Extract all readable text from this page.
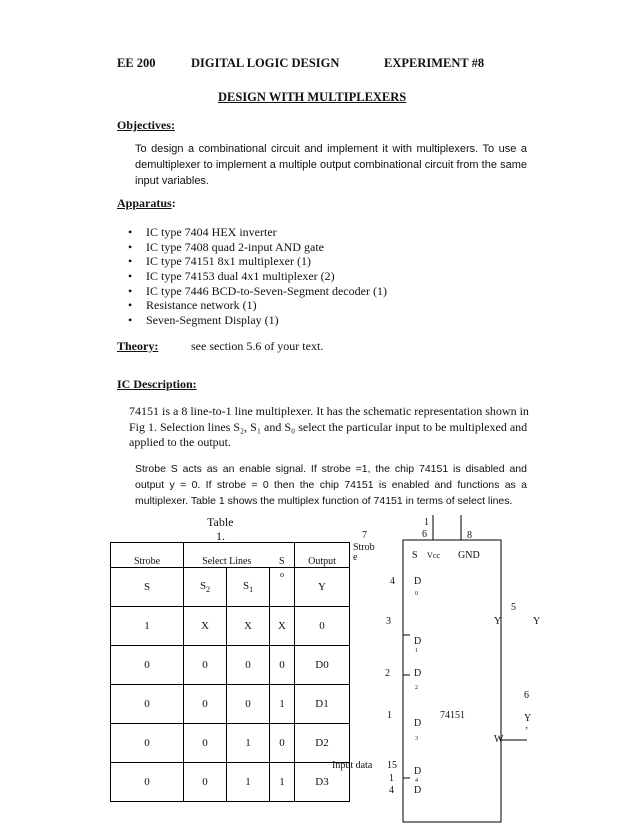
EE 200	DIGITAL LOGIC DESIGN	EXPERIMENT #8
DESIGN WITH MULTIPLEXERS
Objectives:
To design a combinational circuit and implement it with multiplexers. To use a demultiplexer to implement a multiple output combinational circuit from the same input variables.
Apparatus:
• IC type 7404 HEX inverter
• IC type 7408 quad 2-input AND gate
• IC type 74151 8x1 multiplexer (1)
• IC type 74153 dual 4x1 multiplexer (2)
• IC type 7446 BCD-to-Seven-Segment decoder (1)
• Resistance network (1)
• Seven-Segment Display (1)
Theory:	see section 5.6 of your text.
IC Description:
74151 is a 8 line-to-1 line multiplexer. It has the schematic representation shown in Fig 1. Selection lines S₂, S₁ and S₀ select the particular input to be multiplexed and applied to the output.
Strobe S acts as an enable signal. If strobe =1, the chip 74151 is disabled and output y = 0. If strobe = 0 then the chip 74151 is enabled and functions as a multiplexer. Table 1 shows the multiplex function of 74151 in terms of select lines.
Table
1.
Strobe	Select Lines		S	Output
S	$S_2$	$S_1$	o	Y
1	X	X	X	0
0	0	0	0	D0
0	0	0	1	D1
0	0	1	0	D2
0	0	1	1	D3
7
1
6	8
Strob
e	S Vcc GND
4 D
0
5
Y	Y
3
D
1
2 D
2
6
74151
1	Y
’
D
3	W
Input data 15
1
4
D
4
D
